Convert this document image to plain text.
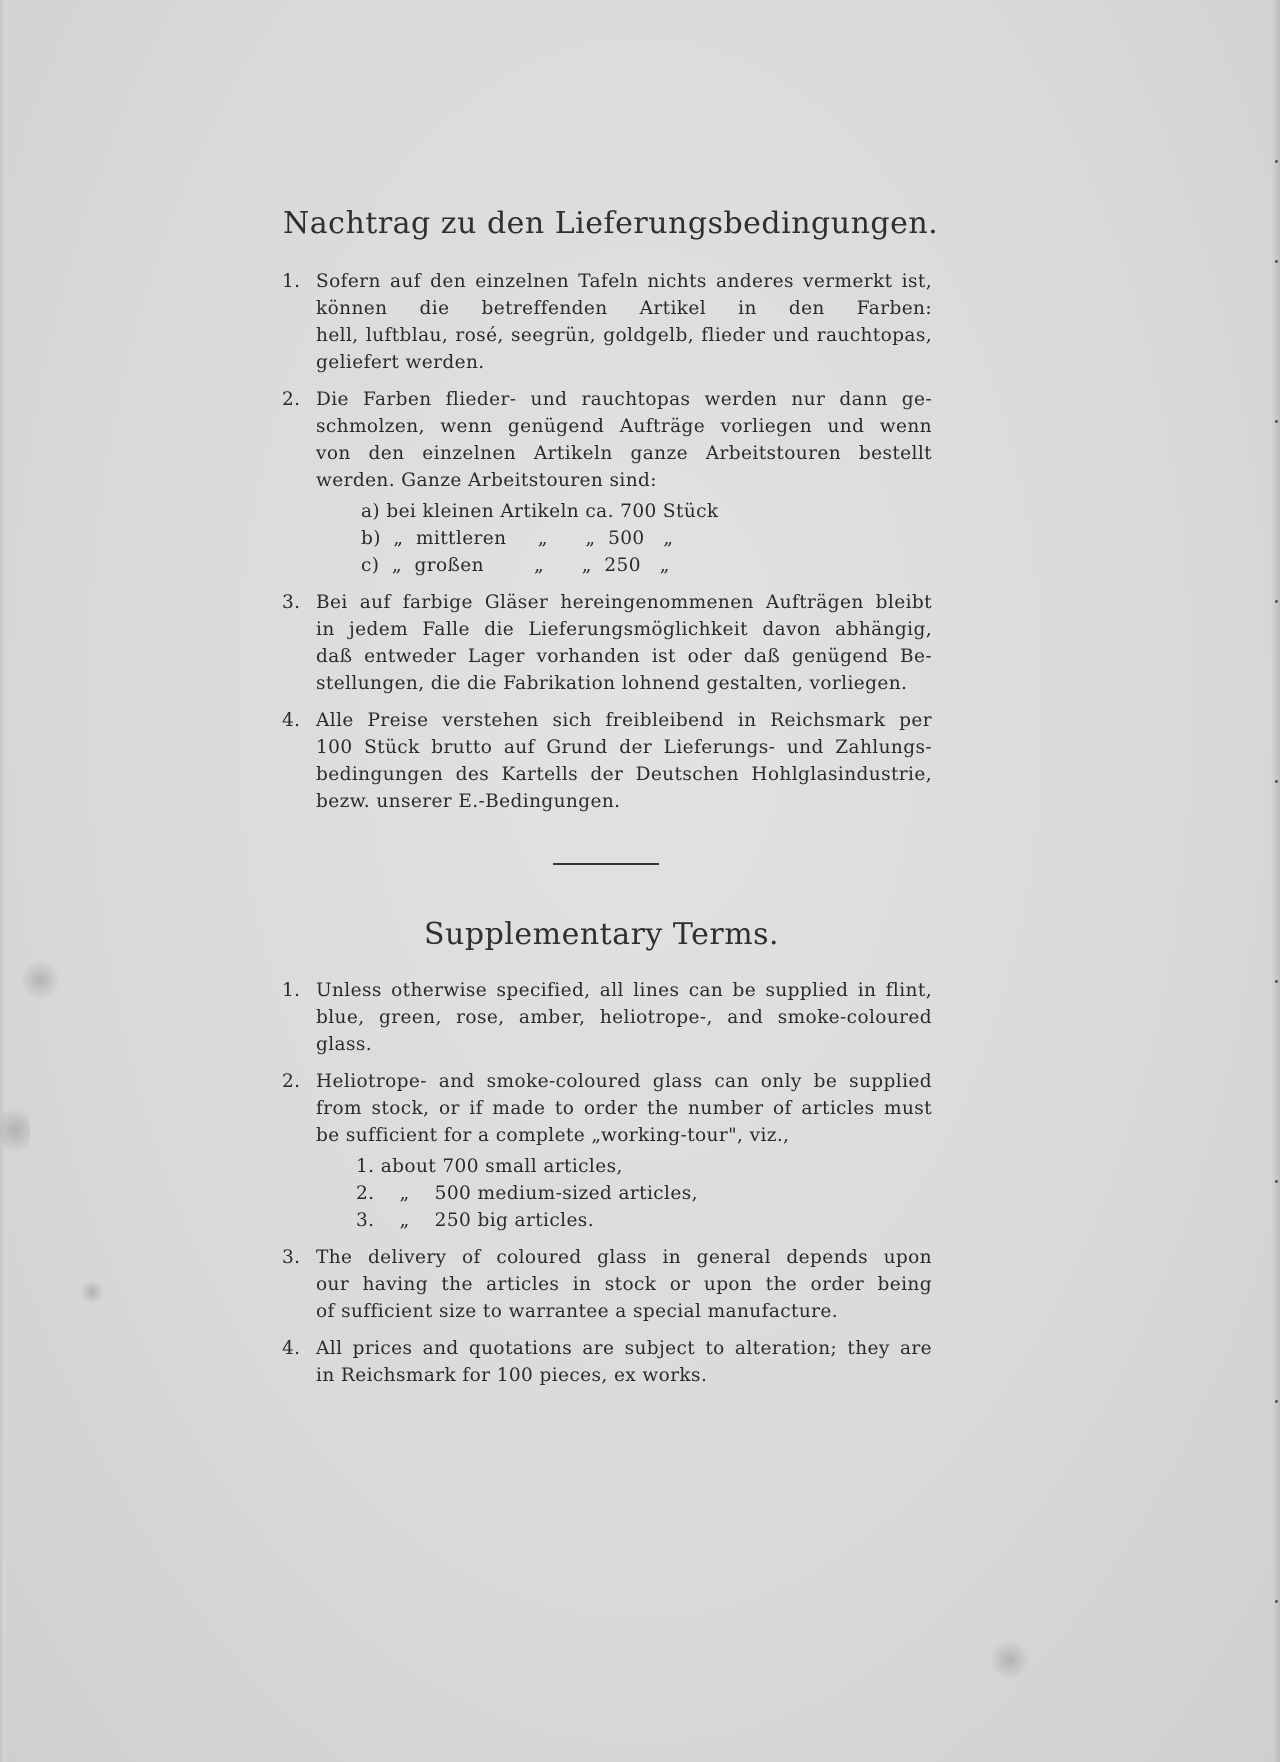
Nachtrag zu den Lieferungsbedingungen.
1. Sofern auf den einzelnen Tafeln nichts anderes vermerkt ist,
können die betreffenden Artikel in den Farben:
hell, luftblau, rosé, seegrün, goldgelb, flieder und rauchtopas,
geliefert werden.
2. Die Farben flieder- und rauchtopas werden nur dann ge-
schmolzen, wenn genügend Aufträge vorliegen und wenn
von den einzelnen Artikeln ganze Arbeitstouren bestellt
werden. Ganze Arbeitstouren sind:
a) bei kleinen Artikeln ca. 700 Stück
b)  „  mittleren     „      „  500   „
c)  „  großen        „      „  250   „
3. Bei auf farbige Gläser hereingenommenen Aufträgen bleibt
in jedem Falle die Lieferungsmöglichkeit davon abhängig,
daß entweder Lager vorhanden ist oder daß genügend Be-
stellungen, die die Fabrikation lohnend gestalten, vorliegen.
4. Alle Preise verstehen sich freibleibend in Reichsmark per
100 Stück brutto auf Grund der Lieferungs- und Zahlungs-
bedingungen des Kartells der Deutschen Hohlglasindustrie,
bezw. unserer E.-Bedingungen.
Supplementary Terms.
1. Unless otherwise specified, all lines can be supplied in flint,
blue, green, rose, amber, heliotrope-, and smoke-coloured
glass.
2. Heliotrope- and smoke-coloured glass can only be supplied
from stock, or if made to order the number of articles must
be sufficient for a complete „working-tour", viz.,
1. about 700 small articles,
2.    „    500 medium-sized articles,
3.    „    250 big articles.
3. The delivery of coloured glass in general depends upon
our having the articles in stock or upon the order being
of sufficient size to warrantee a special manufacture.
4. All prices and quotations are subject to alteration; they are
in Reichsmark for 100 pieces, ex works.
